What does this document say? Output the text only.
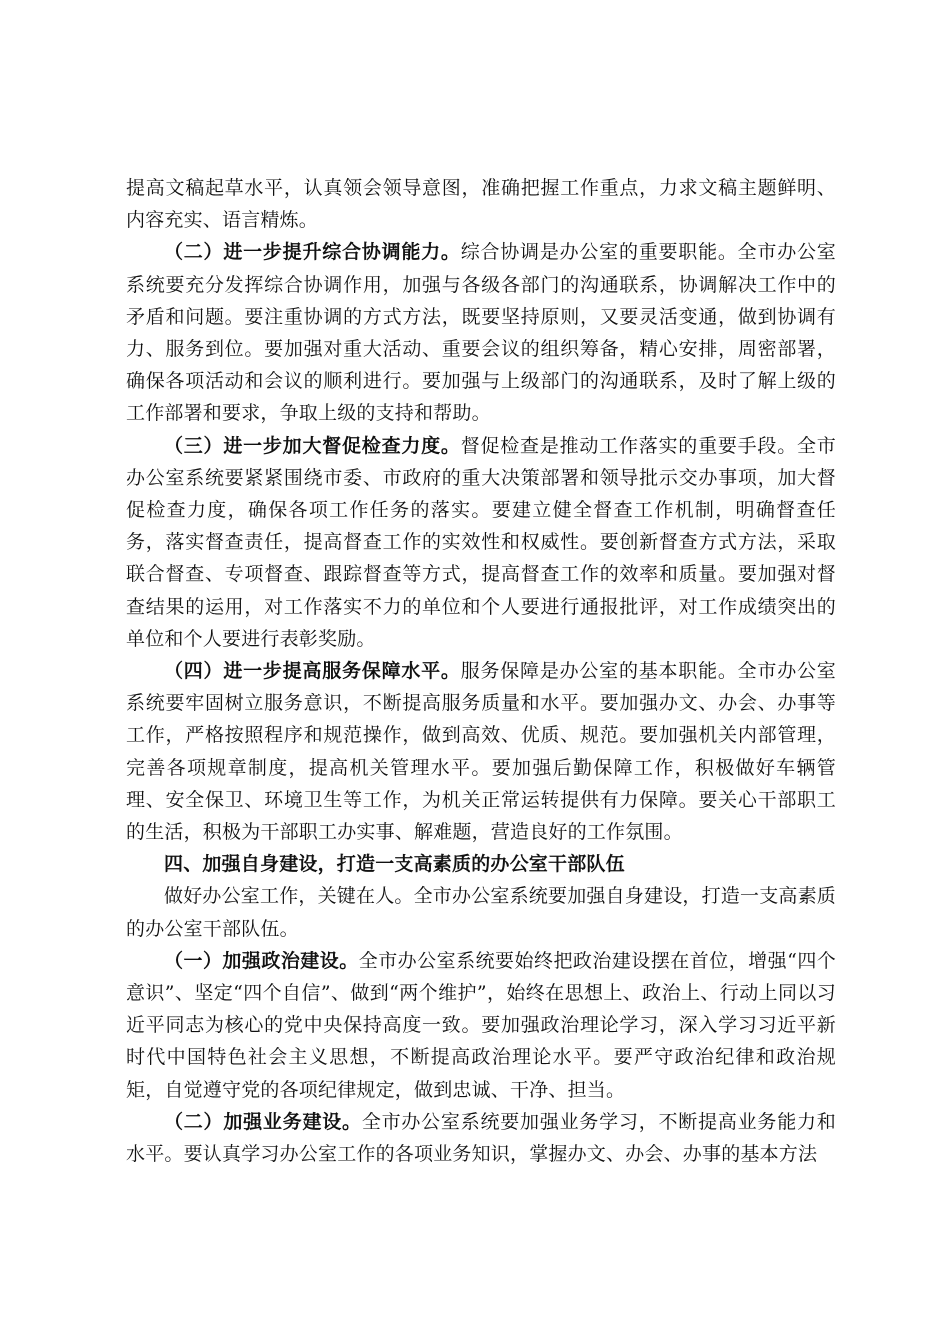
提高文稿起草水平，认真领会领导意图，准确把握工作重点，力求文稿主题鲜明、内容充实、语言精炼。

（二）进一步提升综合协调能力。综合协调是办公室的重要职能。全市办公室系统要充分发挥综合协调作用，加强与各级各部门的沟通联系，协调解决工作中的矛盾和问题。要注重协调的方式方法，既要坚持原则，又要灵活变通，做到协调有力、服务到位。要加强对重大活动、重要会议的组织筹备，精心安排，周密部署，确保各项活动和会议的顺利进行。要加强与上级部门的沟通联系，及时了解上级的工作部署和要求，争取上级的支持和帮助。

（三）进一步加大督促检查力度。督促检查是推动工作落实的重要手段。全市办公室系统要紧紧围绕市委、市政府的重大决策部署和领导批示交办事项，加大督促检查力度，确保各项工作任务的落实。要建立健全督查工作机制，明确督查任务，落实督查责任，提高督查工作的实效性和权威性。要创新督查方式方法，采取联合督查、专项督查、跟踪督查等方式，提高督查工作的效率和质量。要加强对督查结果的运用，对工作落实不力的单位和个人要进行通报批评，对工作成绩突出的单位和个人要进行表彰奖励。

（四）进一步提高服务保障水平。服务保障是办公室的基本职能。全市办公室系统要牢固树立服务意识，不断提高服务质量和水平。要加强办文、办会、办事等工作，严格按照程序和规范操作，做到高效、优质、规范。要加强机关内部管理，完善各项规章制度，提高机关管理水平。要加强后勤保障工作，积极做好车辆管理、安全保卫、环境卫生等工作，为机关正常运转提供有力保障。要关心干部职工的生活，积极为干部职工办实事、解难题，营造良好的工作氛围。

四、加强自身建设，打造一支高素质的办公室干部队伍

做好办公室工作，关键在人。全市办公室系统要加强自身建设，打造一支高素质的办公室干部队伍。

（一）加强政治建设。全市办公室系统要始终把政治建设摆在首位，增强“四个意识”、坚定“四个自信”、做到“两个维护”，始终在思想上、政治上、行动上同以习近平同志为核心的党中央保持高度一致。要加强政治理论学习，深入学习习近平新时代中国特色社会主义思想，不断提高政治理论水平。要严守政治纪律和政治规矩，自觉遵守党的各项纪律规定，做到忠诚、干净、担当。

（二）加强业务建设。全市办公室系统要加强业务学习，不断提高业务能力和水平。要认真学习办公室工作的各项业务知识，掌握办文、办会、办事的基本方法
